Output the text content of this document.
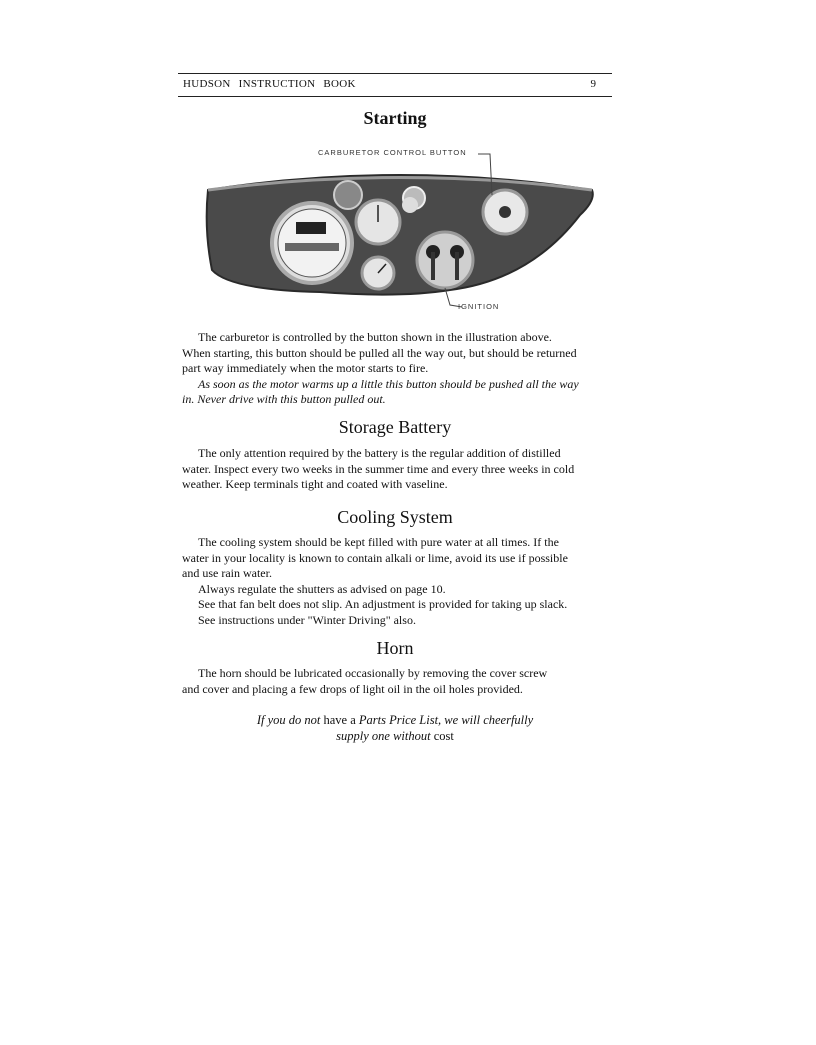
HUDSON INSTRUCTION BOOK	9
Starting
CARBURETOR CONTROL BUTTON
IGNITION

The carburetor is controlled by the button shown in the illustration above.
When starting, this button should be pulled all the way out, but should be returned
part way immediately when the motor starts to fire.
As soon as the motor warms up a little this button should be pushed all the way
in. Never drive with this button pulled out.

Storage Battery

The only attention required by the battery is the regular addition of distilled
water. Inspect every two weeks in the summer time and every three weeks in cold
weather. Keep terminals tight and coated with vaseline.

Cooling System

The cooling system should be kept filled with pure water at all times. If the
water in your locality is known to contain alkali or lime, avoid its use if possible
and use rain water.
Always regulate the shutters as advised on page 10.
See that fan belt does not slip. An adjustment is provided for taking up slack.
See instructions under "Winter Driving" also.

Horn

The horn should be lubricated occasionally by removing the cover screw
and cover and placing a few drops of light oil in the oil holes provided.

If you do not have a Parts Price List, we will cheerfully
supply one without cost
